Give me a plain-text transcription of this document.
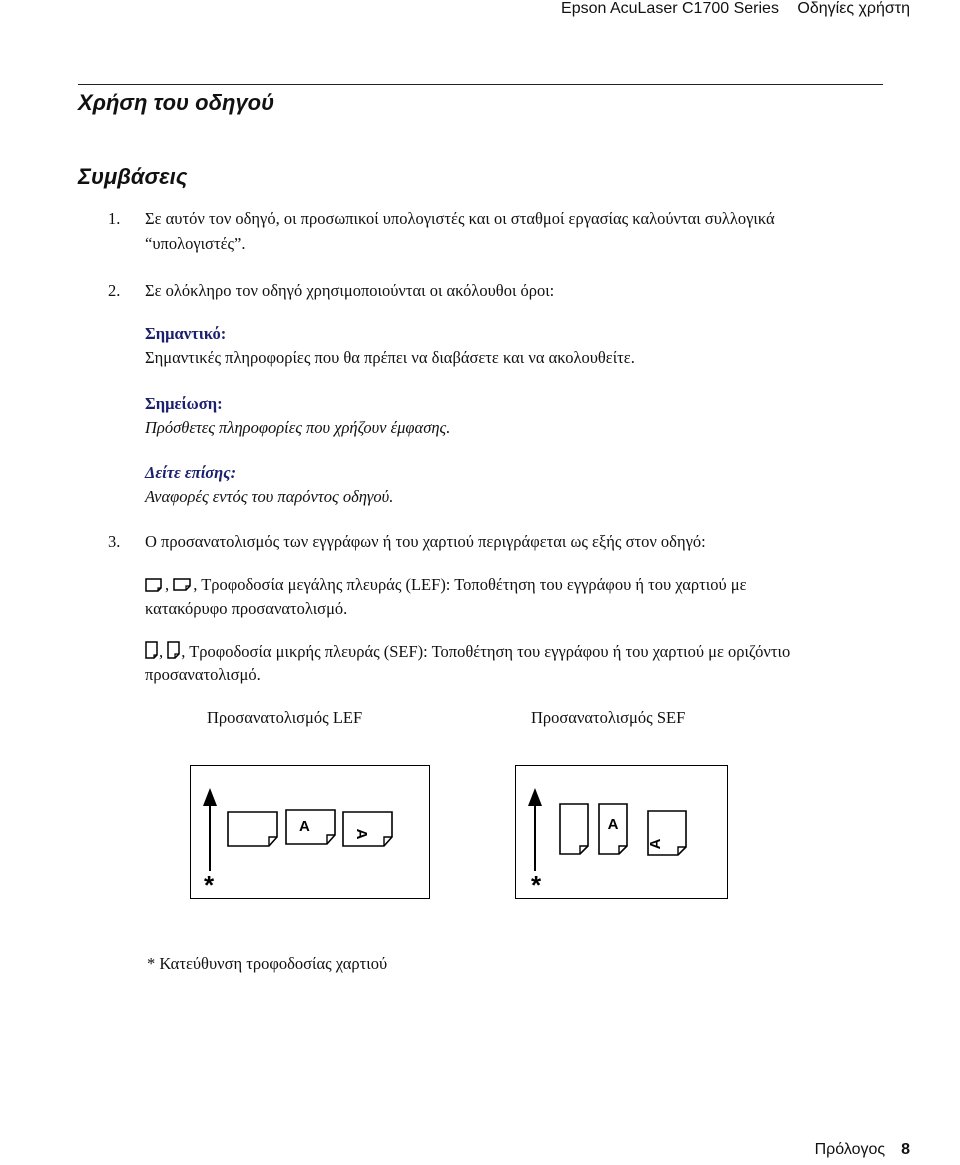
Epson AcuLaser C1700 Series Οδηγίες χρήστη
Χρήση του οδηγού
Συμβάσεις
1. Σε αυτόν τον οδηγό, οι προσωπικοί υπολογιστές και οι σταθμοί εργασίας καλούνται συλλογικά
“υπολογιστές”.
2. Σε ολόκληρο τον οδηγό χρησιμοποιούνται οι ακόλουθοι όροι:
Σημαντικό:
Σημαντικές πληροφορίες που θα πρέπει να διαβάσετε και να ακολουθείτε.
Σημείωση:
Πρόσθετες πληροφορίες που χρήζουν έμφασης.
Δείτε επίσης:
Αναφορές εντός του παρόντος οδηγού.
3. Ο προσανατολισμός των εγγράφων ή του χαρτιού περιγράφεται ως εξής στον οδηγό:
, , Τροφοδοσία μεγάλης πλευράς (LEF): Τοποθέτηση του εγγράφου ή του χαρτιού με
κατακόρυφο προσανατολισμό.
, , Τροφοδοσία μικρής πλευράς (SEF): Τοποθέτηση του εγγράφου ή του χαρτιού με οριζόντιο
προσανατολισμό.
Προσανατολισμός LEF	Προσανατολισμός SEF
*
A	A
*
A
A
* Κατεύθυνση τροφοδοσίας χαρτιού
Πρόλογος 8
